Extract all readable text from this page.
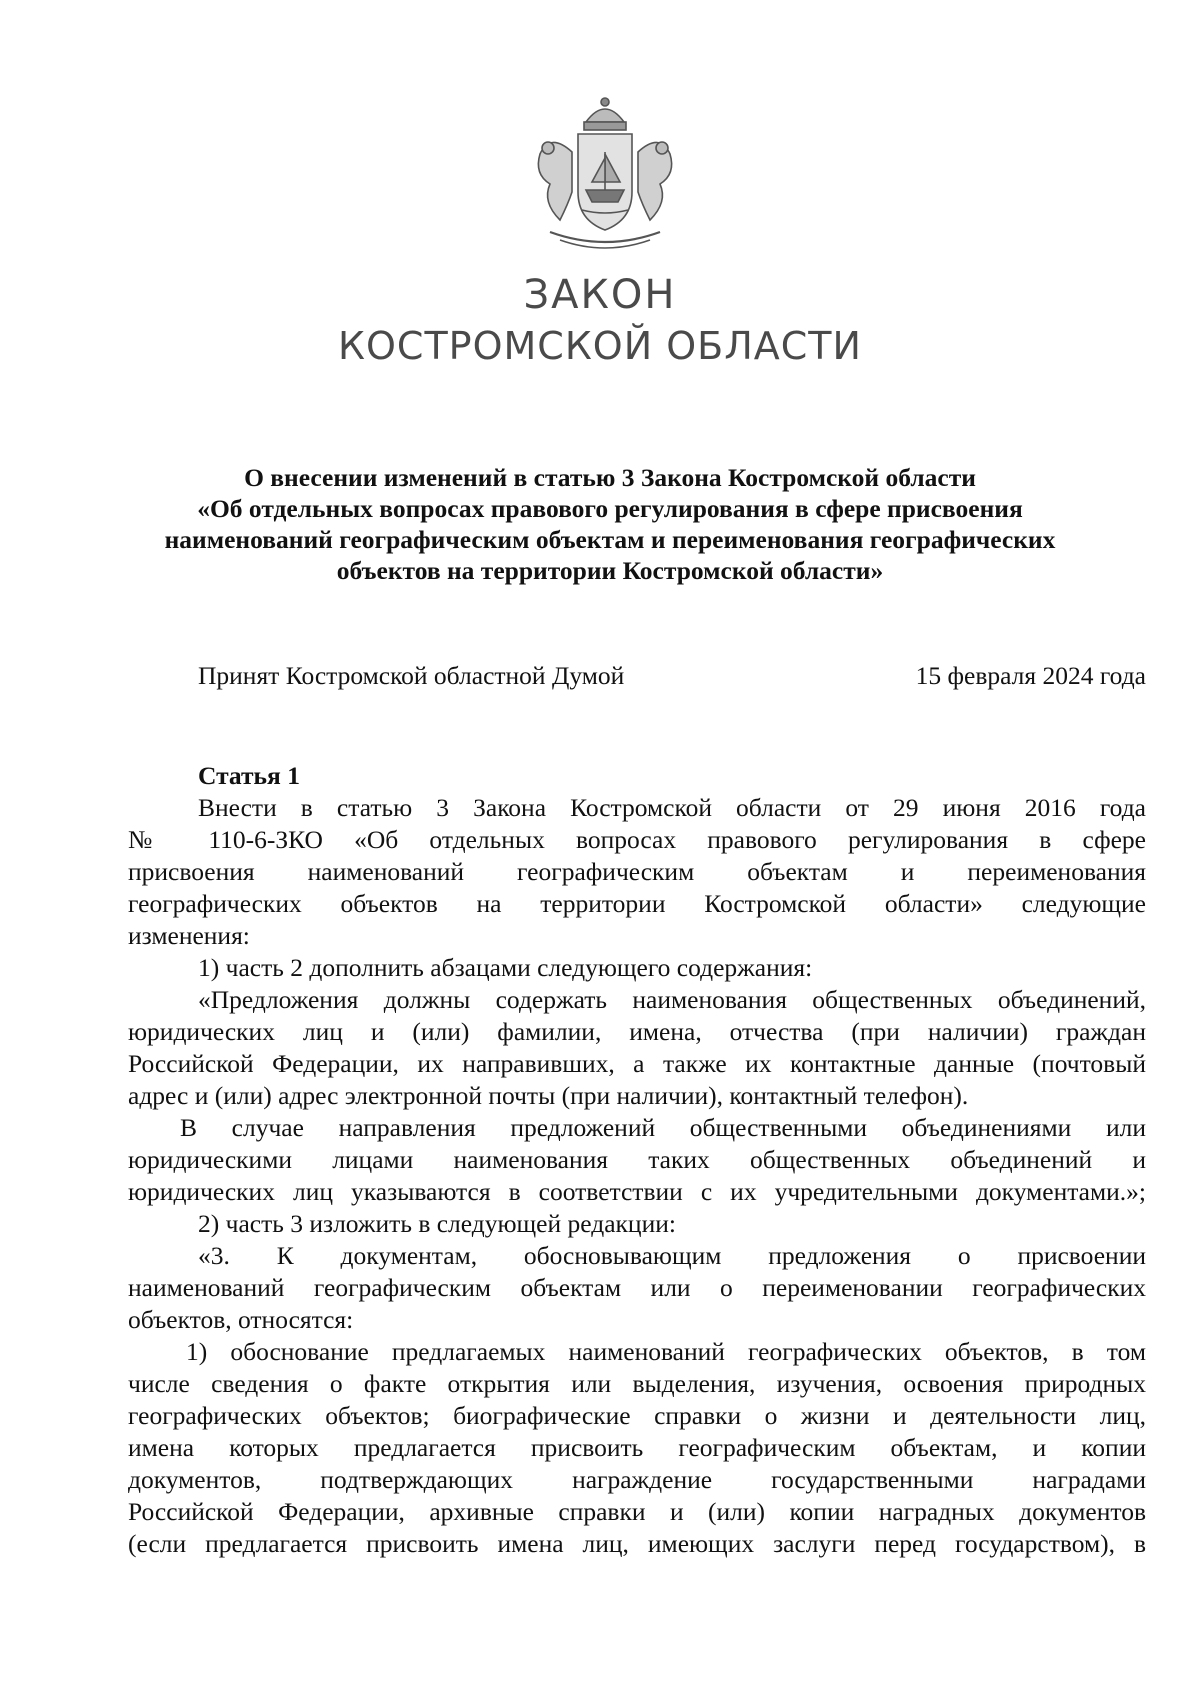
ЗАКОН
КОСТРОМСКОЙ ОБЛАСТИ
О внесении изменений в статью 3 Закона Костромской области
«Об отдельных вопросах правового регулирования в сфере присвоения
наименований географическим объектам и переименования географических
объектов на территории Костромской области»
Принят Костромской областной Думой	15 февраля 2024 года
Статья 1
Внести в статью 3 Закона Костромской области от 29 июня 2016 года
№ 110-6-ЗКО «Об отдельных вопросах правового регулирования в сфере
присвоения наименований географическим объектам и переименования
географических объектов на территории Костромской области» следующие
изменения:
1) часть 2 дополнить абзацами следующего содержания:
«Предложения должны содержать наименования общественных объединений,
юридических лиц и (или) фамилии, имена, отчества (при наличии) граждан
Российской Федерации, их направивших, а также их контактные данные (почтовый
адрес и (или) адрес электронной почты (при наличии), контактный телефон).
В случае направления предложений общественными объединениями или
юридическими лицами наименования таких общественных объединений и
юридических лиц указываются в соответствии с их учредительными документами.»;
2) часть 3 изложить в следующей редакции:
«3. К документам, обосновывающим предложения о присвоении
наименований географическим объектам или о переименовании географических
объектов, относятся:
1) обоснование предлагаемых наименований географических объектов, в том
числе сведения о факте открытия или выделения, изучения, освоения природных
географических объектов; биографические справки о жизни и деятельности лиц,
имена которых предлагается присвоить географическим объектам, и копии
документов, подтверждающих награждение государственными наградами
Российской Федерации, архивные справки и (или) копии наградных документов
(если предлагается присвоить имена лиц, имеющих заслуги перед государством), в
